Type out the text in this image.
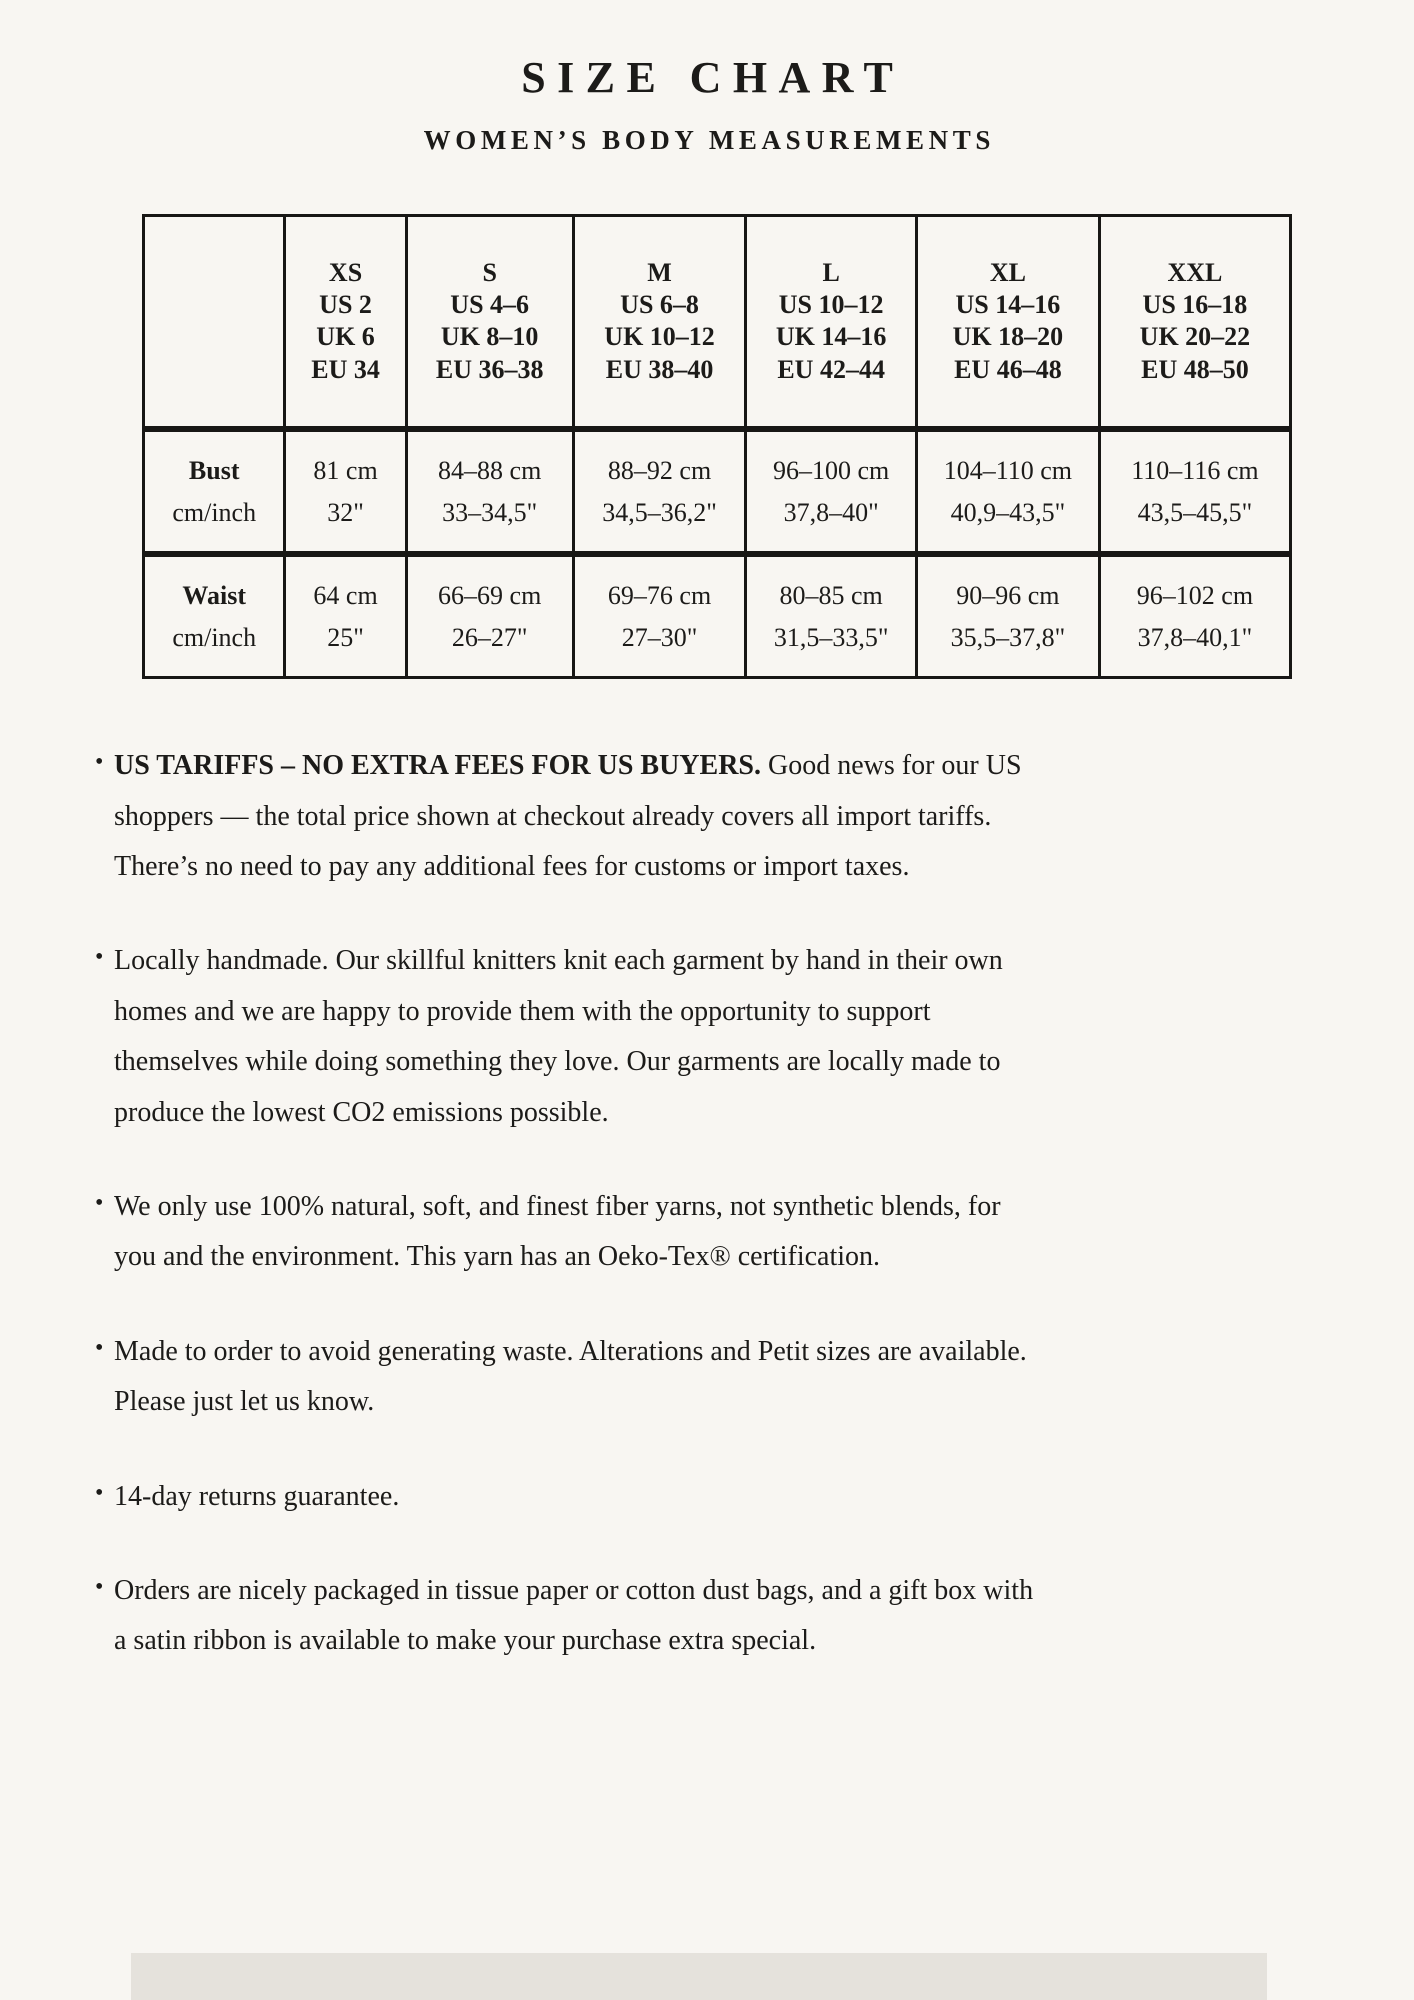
SIZE CHART
WOMEN’S BODY MEASUREMENTS
XS
US 2
UK 6
EU 34
S
US 4–6
UK 8–10
EU 36–38
M
US 6–8
UK 10–12
EU 38–40
L
US 10–12
UK 14–16
EU 42–44
XL
US 14–16
UK 18–20
EU 46–48
XXL
US 16–18
UK 20–22
EU 48–50
Bust
cm/inch
81 cm
32"
84–88 cm
33–34,5"
88–92 cm
34,5–36,2"
96–100 cm
37,8–40"
104–110 cm
40,9–43,5"
110–116 cm
43,5–45,5"
Waist
cm/inch
64 cm
25"
66–69 cm
26–27"
69–76 cm
27–30"
80–85 cm
31,5–33,5"
90–96 cm
35,5–37,8"
96–102 cm
37,8–40,1"
• US TARIFFS – NO EXTRA FEES FOR US BUYERS. Good news for our US shoppers — the total price shown at checkout already covers all import tariffs. There’s no need to pay any additional fees for customs or import taxes.
• Locally handmade. Our skillful knitters knit each garment by hand in their own homes and we are happy to provide them with the opportunity to support themselves while doing something they love. Our garments are locally made to produce the lowest CO2 emissions possible.
• We only use 100% natural, soft, and finest fiber yarns, not synthetic blends, for you and the environment. This yarn has an Oeko-Tex® certification.
• Made to order to avoid generating waste. Alterations and Petit sizes are available. Please just let us know.
• 14-day returns guarantee.
• Orders are nicely packaged in tissue paper or cotton dust bags, and a gift box with a satin ribbon is available to make your purchase extra special.
